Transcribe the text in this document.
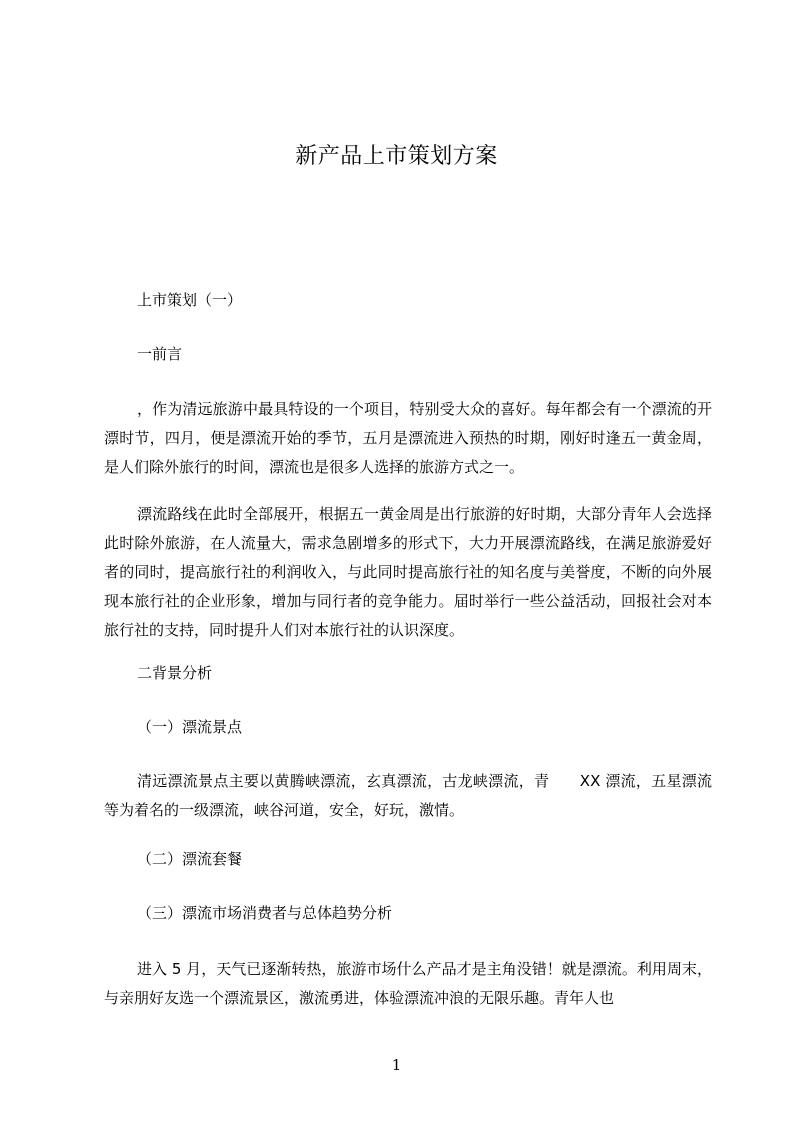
新产品上市策划方案
上市策划（一）
一前言

，作为清远旅游中最具特设的一个项目，特别受大众的喜好。每年都会有一个漂流的开漂时节，四月，便是漂流开始的季节，五月是漂流进入预热的时期，刚好时逢五一黄金周，是人们除外旅行的时间，漂流也是很多人选择的旅游方式之一。

漂流路线在此时全部展开，根据五一黄金周是出行旅游的好时期，大部分青年人会选择此时除外旅游，在人流量大，需求急剧增多的形式下，大力开展漂流路线，在满足旅游爱好者的同时，提高旅行社的利润收入，与此同时提高旅行社的知名度与美誉度，不断的向外展现本旅行社的企业形象，增加与同行者的竞争能力。届时举行一些公益活动，回报社会对本旅行社的支持，同时提升人们对本旅行社的认识深度。

二背景分析
（一）漂流景点

清远漂流景点主要以黄腾峡漂流，玄真漂流，古龙峡漂流，青　　XX 漂流，五星漂流等为着名的一级漂流，峡谷河道，安全，好玩，激情。

（二）漂流套餐
（三）漂流市场消费者与总体趋势分析

进入 5 月，天气已逐渐转热，旅游市场什么产品才是主角没错！就是漂流。利用周末，与亲朋好友选一个漂流景区，激流勇进，体验漂流冲浪的无限乐趣。青年人也

1
